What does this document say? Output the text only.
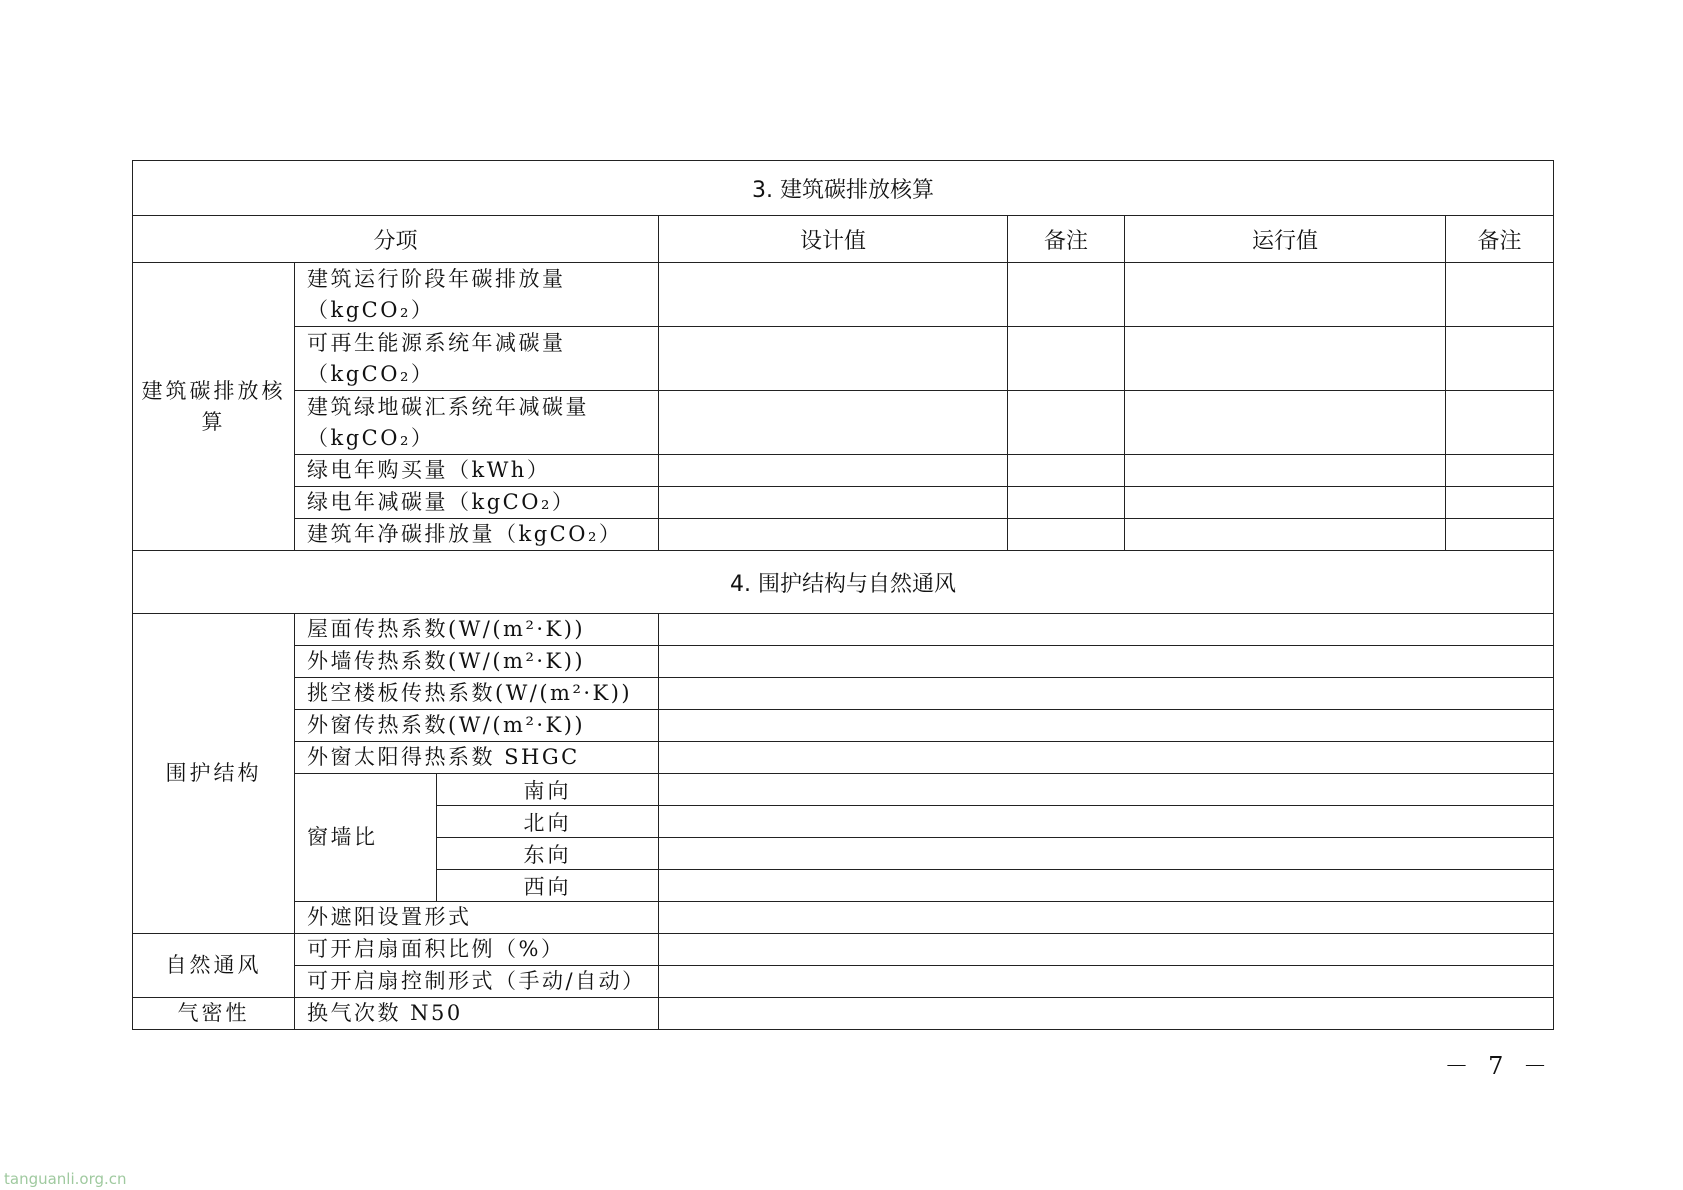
3. 建筑碳排放核算						
分项			设计值	备注	运行值	备注
建筑碳排放核算	建筑运行阶段年碳排放量
（kgCO₂）					

	可再生能源系统年减碳量
（kgCO₂）					

	建筑绿地碳汇系统年减碳量
（kgCO₂）					

	绿电年购买量（kWh）					
	绿电年减碳量（kgCO₂）					
	建筑年净碳排放量（kgCO₂）					
4. 围护结构与自然通风						
围护结构	屋面传热系数(W/(m²·K))					
	外墙传热系数(W/(m²·K))					
	挑空楼板传热系数(W/(m²·K))					
	外窗传热系数(W/(m²·K))					
	外窗太阳得热系数 SHGC					
	窗墙比	南向				
		北向				
		东向				
		西向				
	外遮阳设置形式					
自然通风	可开启扇面积比例（%）					
	可开启扇控制形式（手动/自动）					
气密性	换气次数 N50					
－ 7 －
tanguanli.org.cn
